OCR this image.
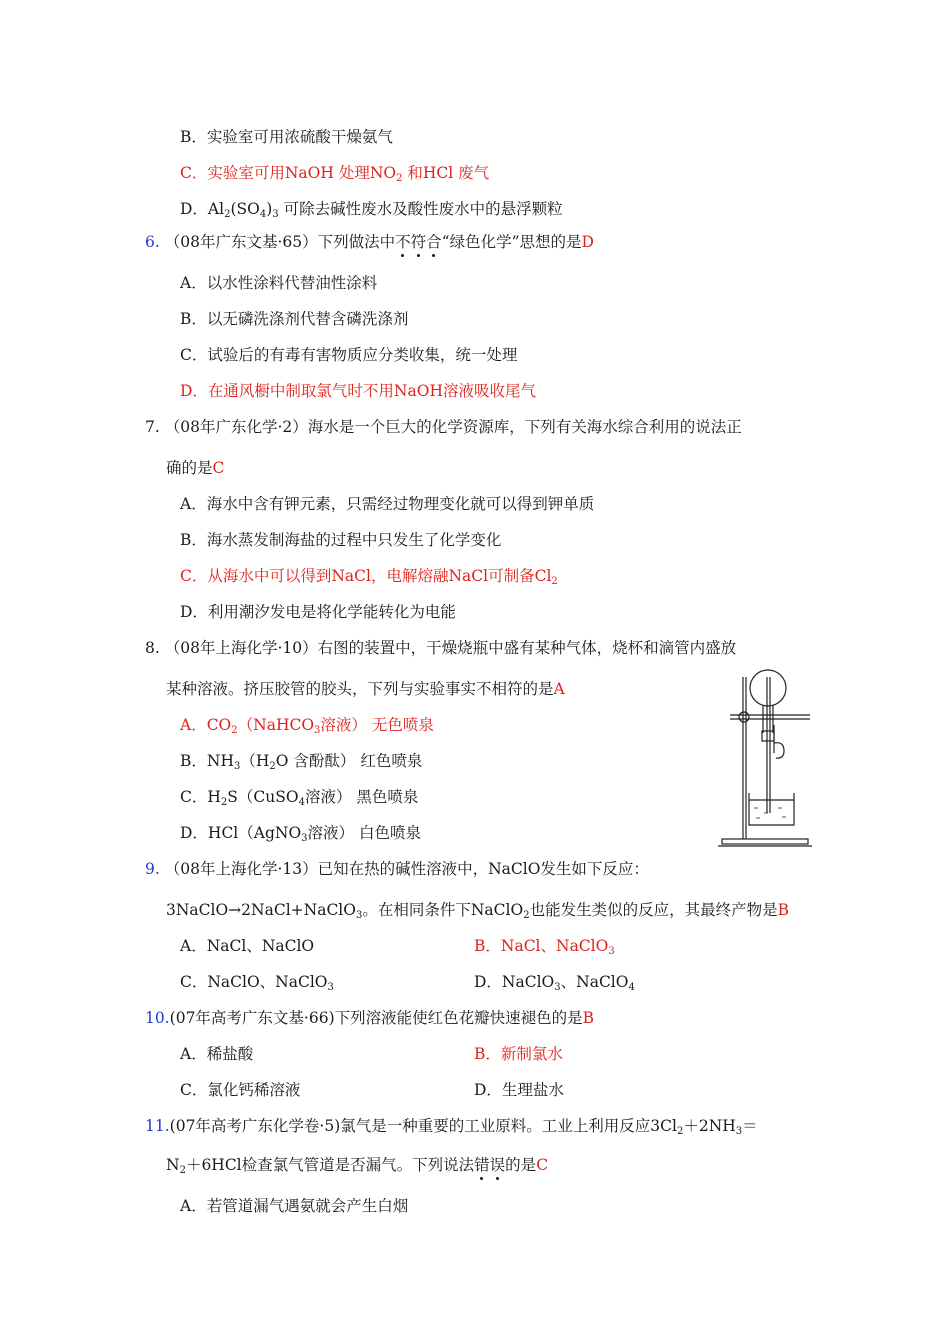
B．实验室可用浓硫酸干燥氨气
C．实验室可用NaOH 处理$NO_2$ 和HCl 废气
D．$Al_2(SO_4)_3$ 可除去碱性废水及酸性废水中的悬浮颗粒
6. （08年广东文基·65）下列做法中不符合“绿色化学”思想的是D
A．以水性涂料代替油性涂料
B．以无磷洗涤剂代替含磷洗涤剂
C．试验后的有毒有害物质应分类收集，统一处理
D．在通风橱中制取氯气时不用NaOH溶液吸收尾气
7. （08年广东化学·2）海水是一个巨大的化学资源库，下列有关海水综合利用的说法正
确的是C
A．海水中含有钾元素，只需经过物理变化就可以得到钾单质
B．海水蒸发制海盐的过程中只发生了化学变化
C．从海水中可以得到NaCl，电解熔融NaCl可制备$Cl_2$
D．利用潮汐发电是将化学能转化为电能
8. （08年上海化学·10）右图的装置中，干燥烧瓶中盛有某种气体，烧杯和滴管内盛放
某种溶液。挤压胶管的胶头，下列与实验事实不相符的是A
A．$CO_2(NaHCO_3$溶液） 无色喷泉
B．$NH_3(H_2O$ 含酚酞） 红色喷泉
C．$H_2S(CuSO_4$溶液） 黑色喷泉
D．HCl（AgNO$_3$溶液） 白色喷泉
9. （08年上海化学·13）已知在热的碱性溶液中，NaClO发生如下反应：
3NaClO→2NaCl+NaClO$_3$。在相同条件下NaClO$_2$也能发生类似的反应，其最终产物是B
A．NaCl、NaClO	B．NaCl、NaClO$_3$
C．NaClO、NaClO$_3$	D．NaClO$_3$、NaClO$_4$
10.(07年高考广东文基·66)下列溶液能使红色花瓣快速褪色的是B
A．稀盐酸	B．新制氯水
C．氯化钙稀溶液	D．生理盐水
11.(07年高考广东化学卷·5)氯气是一种重要的工业原料。工业上利用反应$3Cl_2+2NH_3=$
$N_2+6HCl$检查氯气管道是否漏气。下列说法错误的是C
A．若管道漏气遇氨就会产生白烟
